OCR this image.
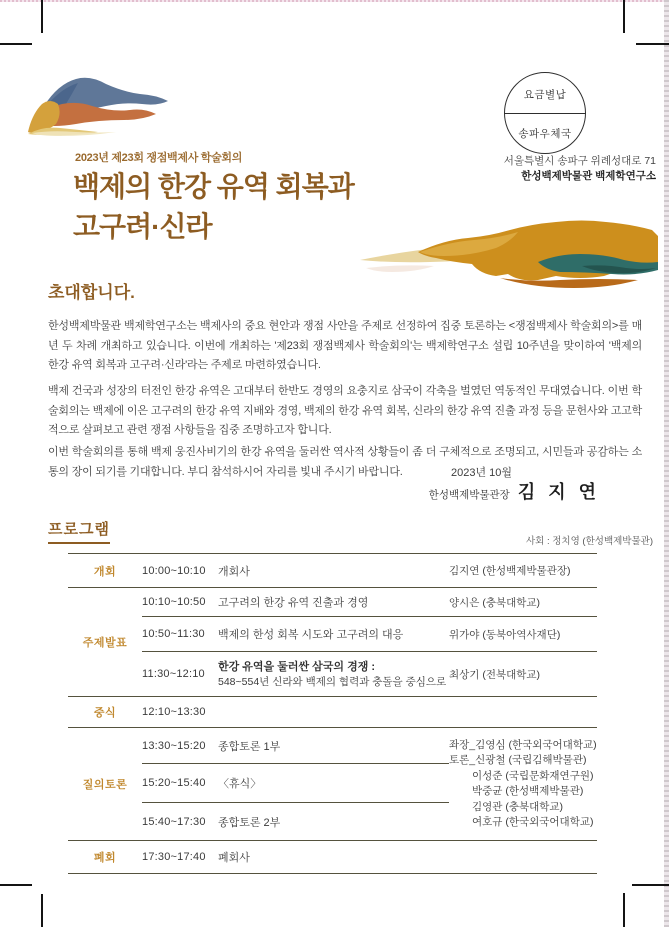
요금별납
송파우체국
서울특별시 송파구 위례성대로 71
한성백제박물관 백제학연구소
2023년 제23회 쟁점백제사 학술회의
백제의 한강 유역 회복과
고구려·신라
초대합니다.

한성백제박물관 백제학연구소는 백제사의 중요 현안과 쟁점 사안을 주제로 선정하여 집중 토론하는 <쟁점백제사 학술회의>를 매년 두 차례 개최하고 있습니다. 이번에 개최하는 '제23회 쟁점백제사 학술회의'는 백제학연구소 설립 10주년을 맞이하여 '백제의 한강 유역 회복과 고구려·신라'라는 주제로 마련하였습니다.

백제 건국과 성장의 터전인 한강 유역은 고대부터 한반도 경영의 요충지로 삼국이 각축을 벌였던 역동적인 무대였습니다. 이번 학술회의는 백제에 이은 고구려의 한강 유역 지배와 경영, 백제의 한강 유역 회복, 신라의 한강 유역 진출 과정 등을 문헌사와 고고학적으로 살펴보고 관련 쟁점 사항들을 집중 조명하고자 합니다.

이번 학술회의를 통해 백제 웅진사비기의 한강 유역을 둘러싼 역사적 상황들이 좀 더 구체적으로 조명되고, 시민들과 공감하는 소통의 장이 되기를 기대합니다. 부디 참석하시어 자리를 빛내 주시기 바랍니다.	2023년 10월
한성백제박물관장 김 지 연
프로그램
사회 : 정치영 (한성백제박물관)
개회	10:00~10:10	개회사	김지연 (한성백제박물관장)
주제발표	10:10~10:50	고구려의 한강 유역 진출과 경영	양시은 (충북대학교)
	10:50~11:30	백제의 한성 회복 시도와 고구려의 대응	위가야 (동북아역사재단)
	11:30~12:10	한강 유역을 둘러싼 삼국의 경쟁 :
548~554년 신라와 백제의 협력과 충돌을 중심으로	최상기 (전북대학교)
중식	12:10~13:30		
질의토론	13:30~15:20	종합토론 1부	좌장_김영심 (한국외국어대학교)
토론_신광철 (국립김해박물관)
이성준 (국립문화재연구원)
박중균 (한성백제박물관)
김영관 (충북대학교)
여호규 (한국외국어대학교)

	15:20~15:40	〈휴식〉	
	15:40~17:30	종합토론 2부	
폐회	17:30~17:40	폐회사	
